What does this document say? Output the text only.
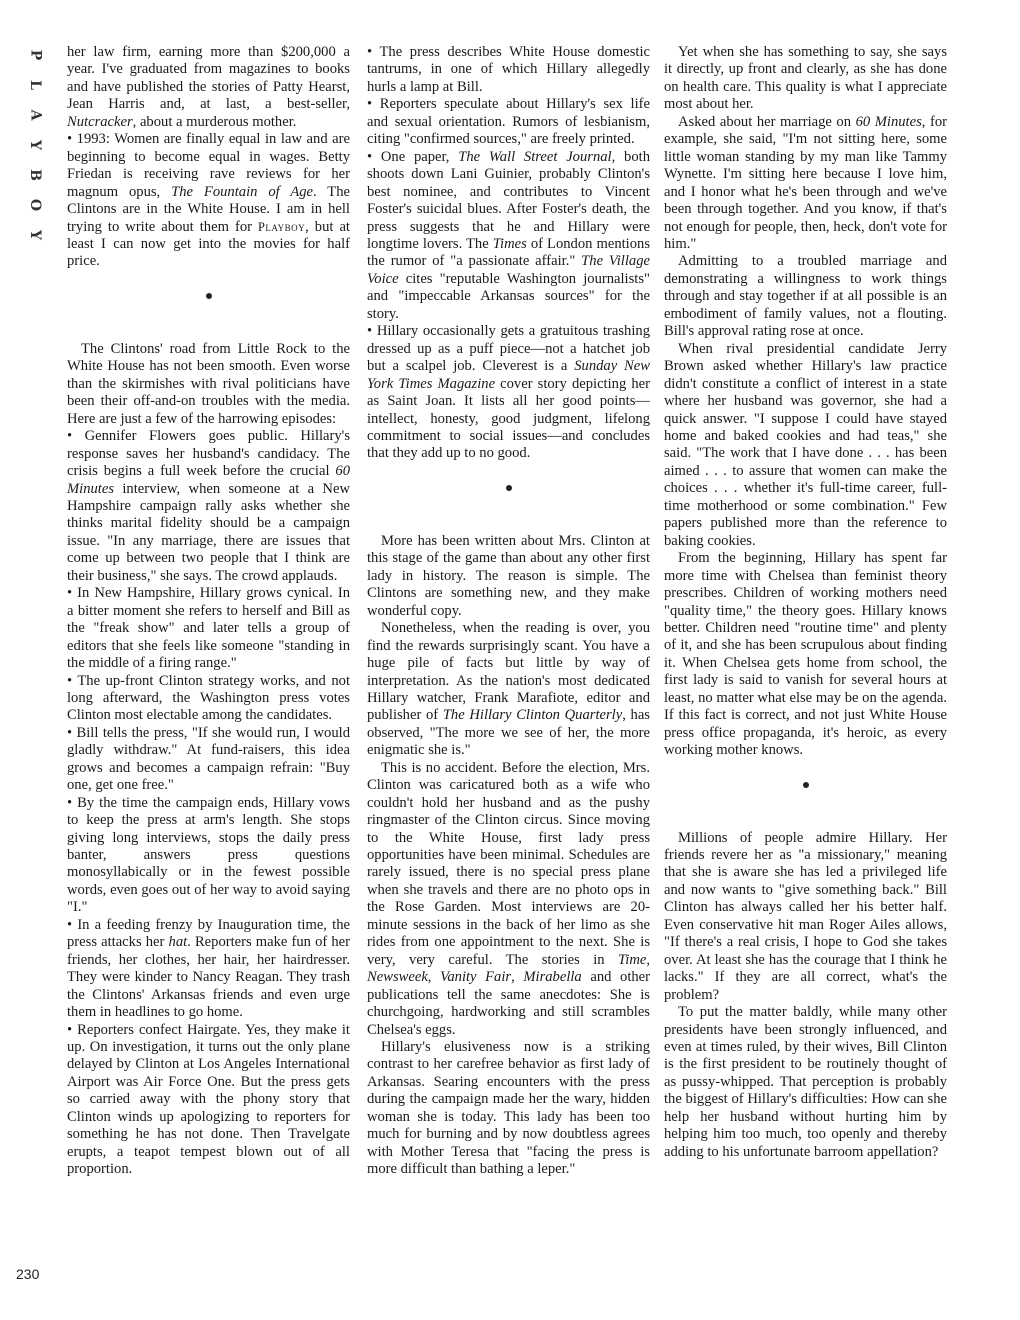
P
L
A
Y
B
O
Y
230

her law firm, earning more than $200,000 a year. I've graduated from magazines to books and have published the stories of Patty Hearst, Jean Harris and, at last, a best-seller, Nutcracker, about a murderous mother.

• 1993: Women are finally equal in law and are beginning to become equal in wages. Betty Friedan is receiving rave reviews for her magnum opus, The Fountain of Age. The Clintons are in the White House. I am in hell trying to write about them for Playboy, but at least I can now get into the movies for half price.

The Clintons' road from Little Rock to the White House has not been smooth. Even worse than the skirmishes with rival politicians have been their off-and-on troubles with the media. Here are just a few of the harrowing episodes:

• Gennifer Flowers goes public. Hillary's response saves her husband's candidacy. The crisis begins a full week before the crucial 60 Minutes interview, when someone at a New Hampshire campaign rally asks whether she thinks marital fidelity should be a campaign issue. "In any marriage, there are issues that come up between two people that I think are their business," she says. The crowd applauds.

• In New Hampshire, Hillary grows cynical. In a bitter moment she refers to herself and Bill as the "freak show" and later tells a group of editors that she feels like someone "standing in the middle of a firing range."

• The up-front Clinton strategy works, and not long afterward, the Washington press votes Clinton most electable among the candidates.

• Bill tells the press, "If she would run, I would gladly withdraw." At fund-raisers, this idea grows and becomes a campaign refrain: "Buy one, get one free."

• By the time the campaign ends, Hillary vows to keep the press at arm's length. She stops giving long interviews, stops the daily press banter, answers press questions monosyllabically or in the fewest possible words, even goes out of her way to avoid saying "I."

• In a feeding frenzy by Inauguration time, the press attacks her hat. Reporters make fun of her friends, her clothes, her hair, her hairdresser. They were kinder to Nancy Reagan. They trash the Clintons' Arkansas friends and even urge them in headlines to go home.

• Reporters confect Hairgate. Yes, they make it up. On investigation, it turns out the only plane delayed by Clinton at Los Angeles International Airport was Air Force One. But the press gets so carried away with the phony story that Clinton winds up apologizing to reporters for something he has not done. Then Travelgate erupts, a teapot tempest blown out of all proportion.

• The press describes White House domestic tantrums, in one of which Hillary allegedly hurls a lamp at Bill.

• Reporters speculate about Hillary's sex life and sexual orientation. Rumors of lesbianism, citing "confirmed sources," are freely printed.

• One paper, The Wall Street Journal, both shoots down Lani Guinier, probably Clinton's best nominee, and contributes to Vincent Foster's suicidal blues. After Foster's death, the press suggests that he and Hillary were longtime lovers. The Times of London mentions the rumor of "a passionate affair." The Village Voice cites "reputable Washington journalists" and "impeccable Arkansas sources" for the story.

• Hillary occasionally gets a gratuitous trashing dressed up as a puff piece—not a hatchet job but a scalpel job. Cleverest is a Sunday New York Times Magazine cover story depicting her as Saint Joan. It lists all her good points—intellect, honesty, good judgment, lifelong commitment to social issues—and concludes that they add up to no good.

More has been written about Mrs. Clinton at this stage of the game than about any other first lady in history. The reason is simple. The Clintons are something new, and they make wonderful copy.

Nonetheless, when the reading is over, you find the rewards surprisingly scant. You have a huge pile of facts but little by way of interpretation. As the nation's most dedicated Hillary watcher, Frank Marafiote, editor and publisher of The Hillary Clinton Quarterly, has observed, "The more we see of her, the more enigmatic she is."

This is no accident. Before the election, Mrs. Clinton was caricatured both as a wife who couldn't hold her husband and as the pushy ringmaster of the Clinton circus. Since moving to the White House, first lady press opportunities have been minimal. Schedules are rarely issued, there is no special press plane when she travels and there are no photo ops in the Rose Garden. Most interviews are 20-minute sessions in the back of her limo as she rides from one appointment to the next. She is very, very careful. The stories in Time, Newsweek, Vanity Fair, Mirabella and other publications tell the same anecdotes: She is churchgoing, hardworking and still scrambles Chelsea's eggs.

Hillary's elusiveness now is a striking contrast to her carefree behavior as first lady of Arkansas. Searing encounters with the press during the campaign made her the wary, hidden woman she is today. This lady has been too much for burning and by now doubtless agrees with Mother Teresa that "facing the press is more difficult than bathing a leper."

Yet when she has something to say, she says it directly, up front and clearly, as she has done on health care. This quality is what I appreciate most about her.

Asked about her marriage on 60 Minutes, for example, she said, "I'm not sitting here, some little woman standing by my man like Tammy Wynette. I'm sitting here because I love him, and I honor what he's been through and we've been through together. And you know, if that's not enough for people, then, heck, don't vote for him."

Admitting to a troubled marriage and demonstrating a willingness to work things through and stay together if at all possible is an embodiment of family values, not a flouting. Bill's approval rating rose at once.

When rival presidential candidate Jerry Brown asked whether Hillary's law practice didn't constitute a conflict of interest in a state where her husband was governor, she had a quick answer. "I suppose I could have stayed home and baked cookies and had teas," she said. "The work that I have done . . . has been aimed . . . to assure that women can make the choices . . . whether it's full-time career, full-time motherhood or some combination." Few papers published more than the reference to baking cookies.

From the beginning, Hillary has spent far more time with Chelsea than feminist theory prescribes. Children of working mothers need "quality time," the theory goes. Hillary knows better. Children need "routine time" and plenty of it, and she has been scrupulous about finding it. When Chelsea gets home from school, the first lady is said to vanish for several hours at least, no matter what else may be on the agenda. If this fact is correct, and not just White House press office propaganda, it's heroic, as every working mother knows.

Millions of people admire Hillary. Her friends revere her as "a missionary," meaning that she is aware she has led a privileged life and now wants to "give something back." Bill Clinton has always called her his better half. Even conservative hit man Roger Ailes allows, "If there's a real crisis, I hope to God she takes over. At least she has the courage that I think he lacks." If they are all correct, what's the problem?

To put the matter baldly, while many other presidents have been strongly influenced, and even at times ruled, by their wives, Bill Clinton is the first president to be routinely thought of as pussy-whipped. That perception is probably the biggest of Hillary's difficulties: How can she help her husband without hurting him by helping him too much, too openly and thereby adding to his unfortunate barroom appellation?
